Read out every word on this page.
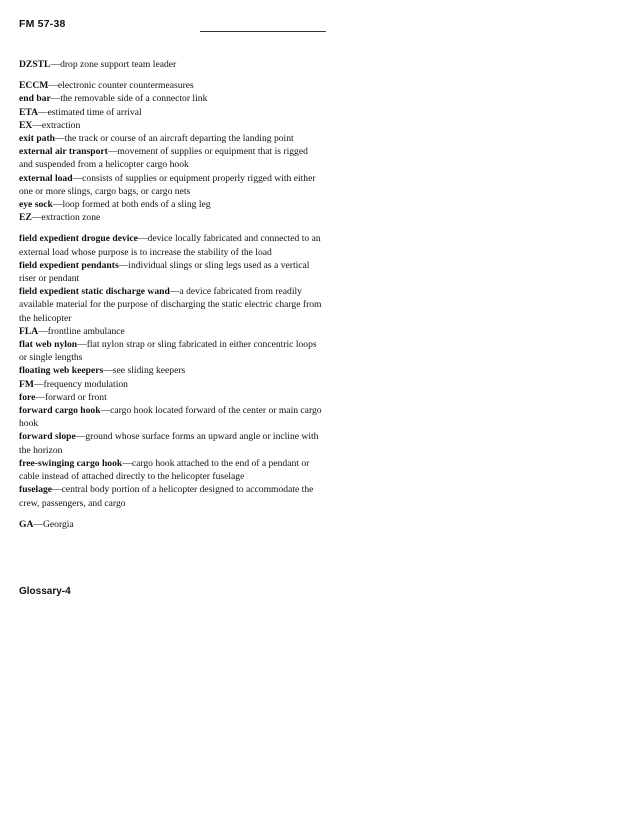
FM 57-38

DZSTL—drop zone support team leader

ECCM—electronic counter countermeasures

end bar—the removable side of a connector link

ETA—estimated time of arrival

EX—extraction

exit path—the track or course of an aircraft departing the landing point

external air transport—movement of supplies or equipment that is rigged and suspended from a helicopter cargo hook

external load—consists of supplies or equipment properly rigged with either one or more slings, cargo bags, or cargo nets

eye sock—loop formed at both ends of a sling leg

EZ—extraction zone

field expedient drogue device—device locally fabricated and connected to an external load whose purpose is to increase the stability of the load

field expedient pendants—individual slings or sling legs used as a vertical riser or pendant

field expedient static discharge wand—a device fabricated from readily available material for the purpose of discharging the static electric charge from the helicopter

FLA—frontline ambulance

flat web nylon—flat nylon strap or sling fabricated in either concentric loops or single lengths

floating web keepers—see sliding keepers

FM—frequency modulation

fore—forward or front

forward cargo hook—cargo hook located forward of the center or main cargo hook

forward slope—ground whose surface forms an upward angle or incline with the horizon

free-swinging cargo hook—cargo hook attached to the end of a pendant or cable instead of attached directly to the helicopter fuselage

fuselage—central body portion of a helicopter designed to accommodate the crew, passengers, and cargo

GA—Georgia

Glossary-4
